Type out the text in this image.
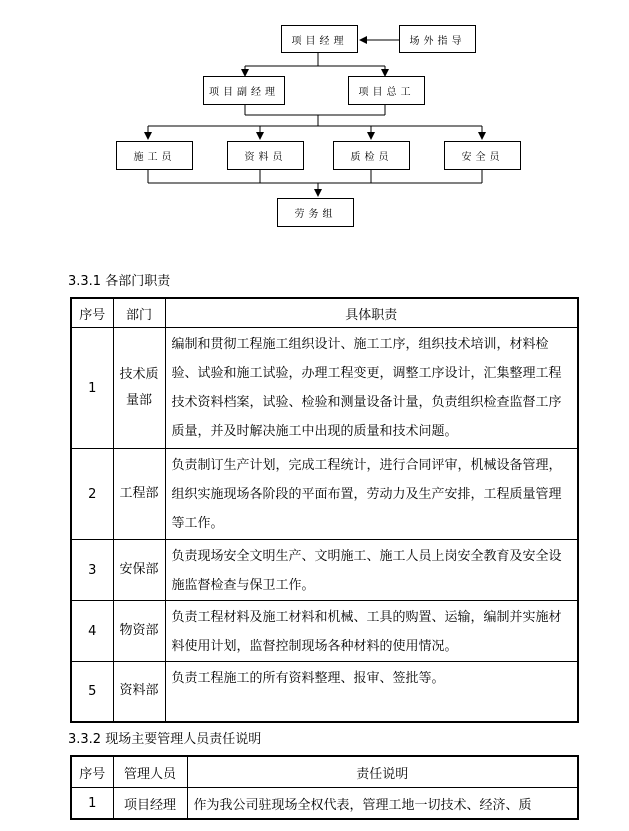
项目经理	场外指导
项目副经理	项目总工
施工员	资料员	质检员	安全员
劳务组
3.3.1 各部门职责
序号	部门	具体职责
1	技术质量部	编制和贯彻工程施工组织设计、施工工序，组织技术培训，材料检验、试验和施工试验，办理工程变更，调整工序设计，汇集整理工程技术资料档案，试验、检验和测量设备计量，负责组织检查监督工序质量，并及时解决施工中出现的质量和技术问题。
2	工程部	负责制订生产计划，完成工程统计，进行合同评审，机械设备管理，组织实施现场各阶段的平面布置，劳动力及生产安排，工程质量管理等工作。
3	安保部	负责现场安全文明生产、文明施工、施工人员上岗安全教育及安全设施监督检查与保卫工作。
4	物资部	负责工程材料及施工材料和机械、工具的购置、运输，编制并实施材料使用计划，监督控制现场各种材料的使用情况。
5	资料部	负责工程施工的所有资料整理、报审、签批等。
3.3.2 现场主要管理人员责任说明
序号	管理人员	责任说明
1	项目经理	作为我公司驻现场全权代表，管理工地一切技术、经济、质
